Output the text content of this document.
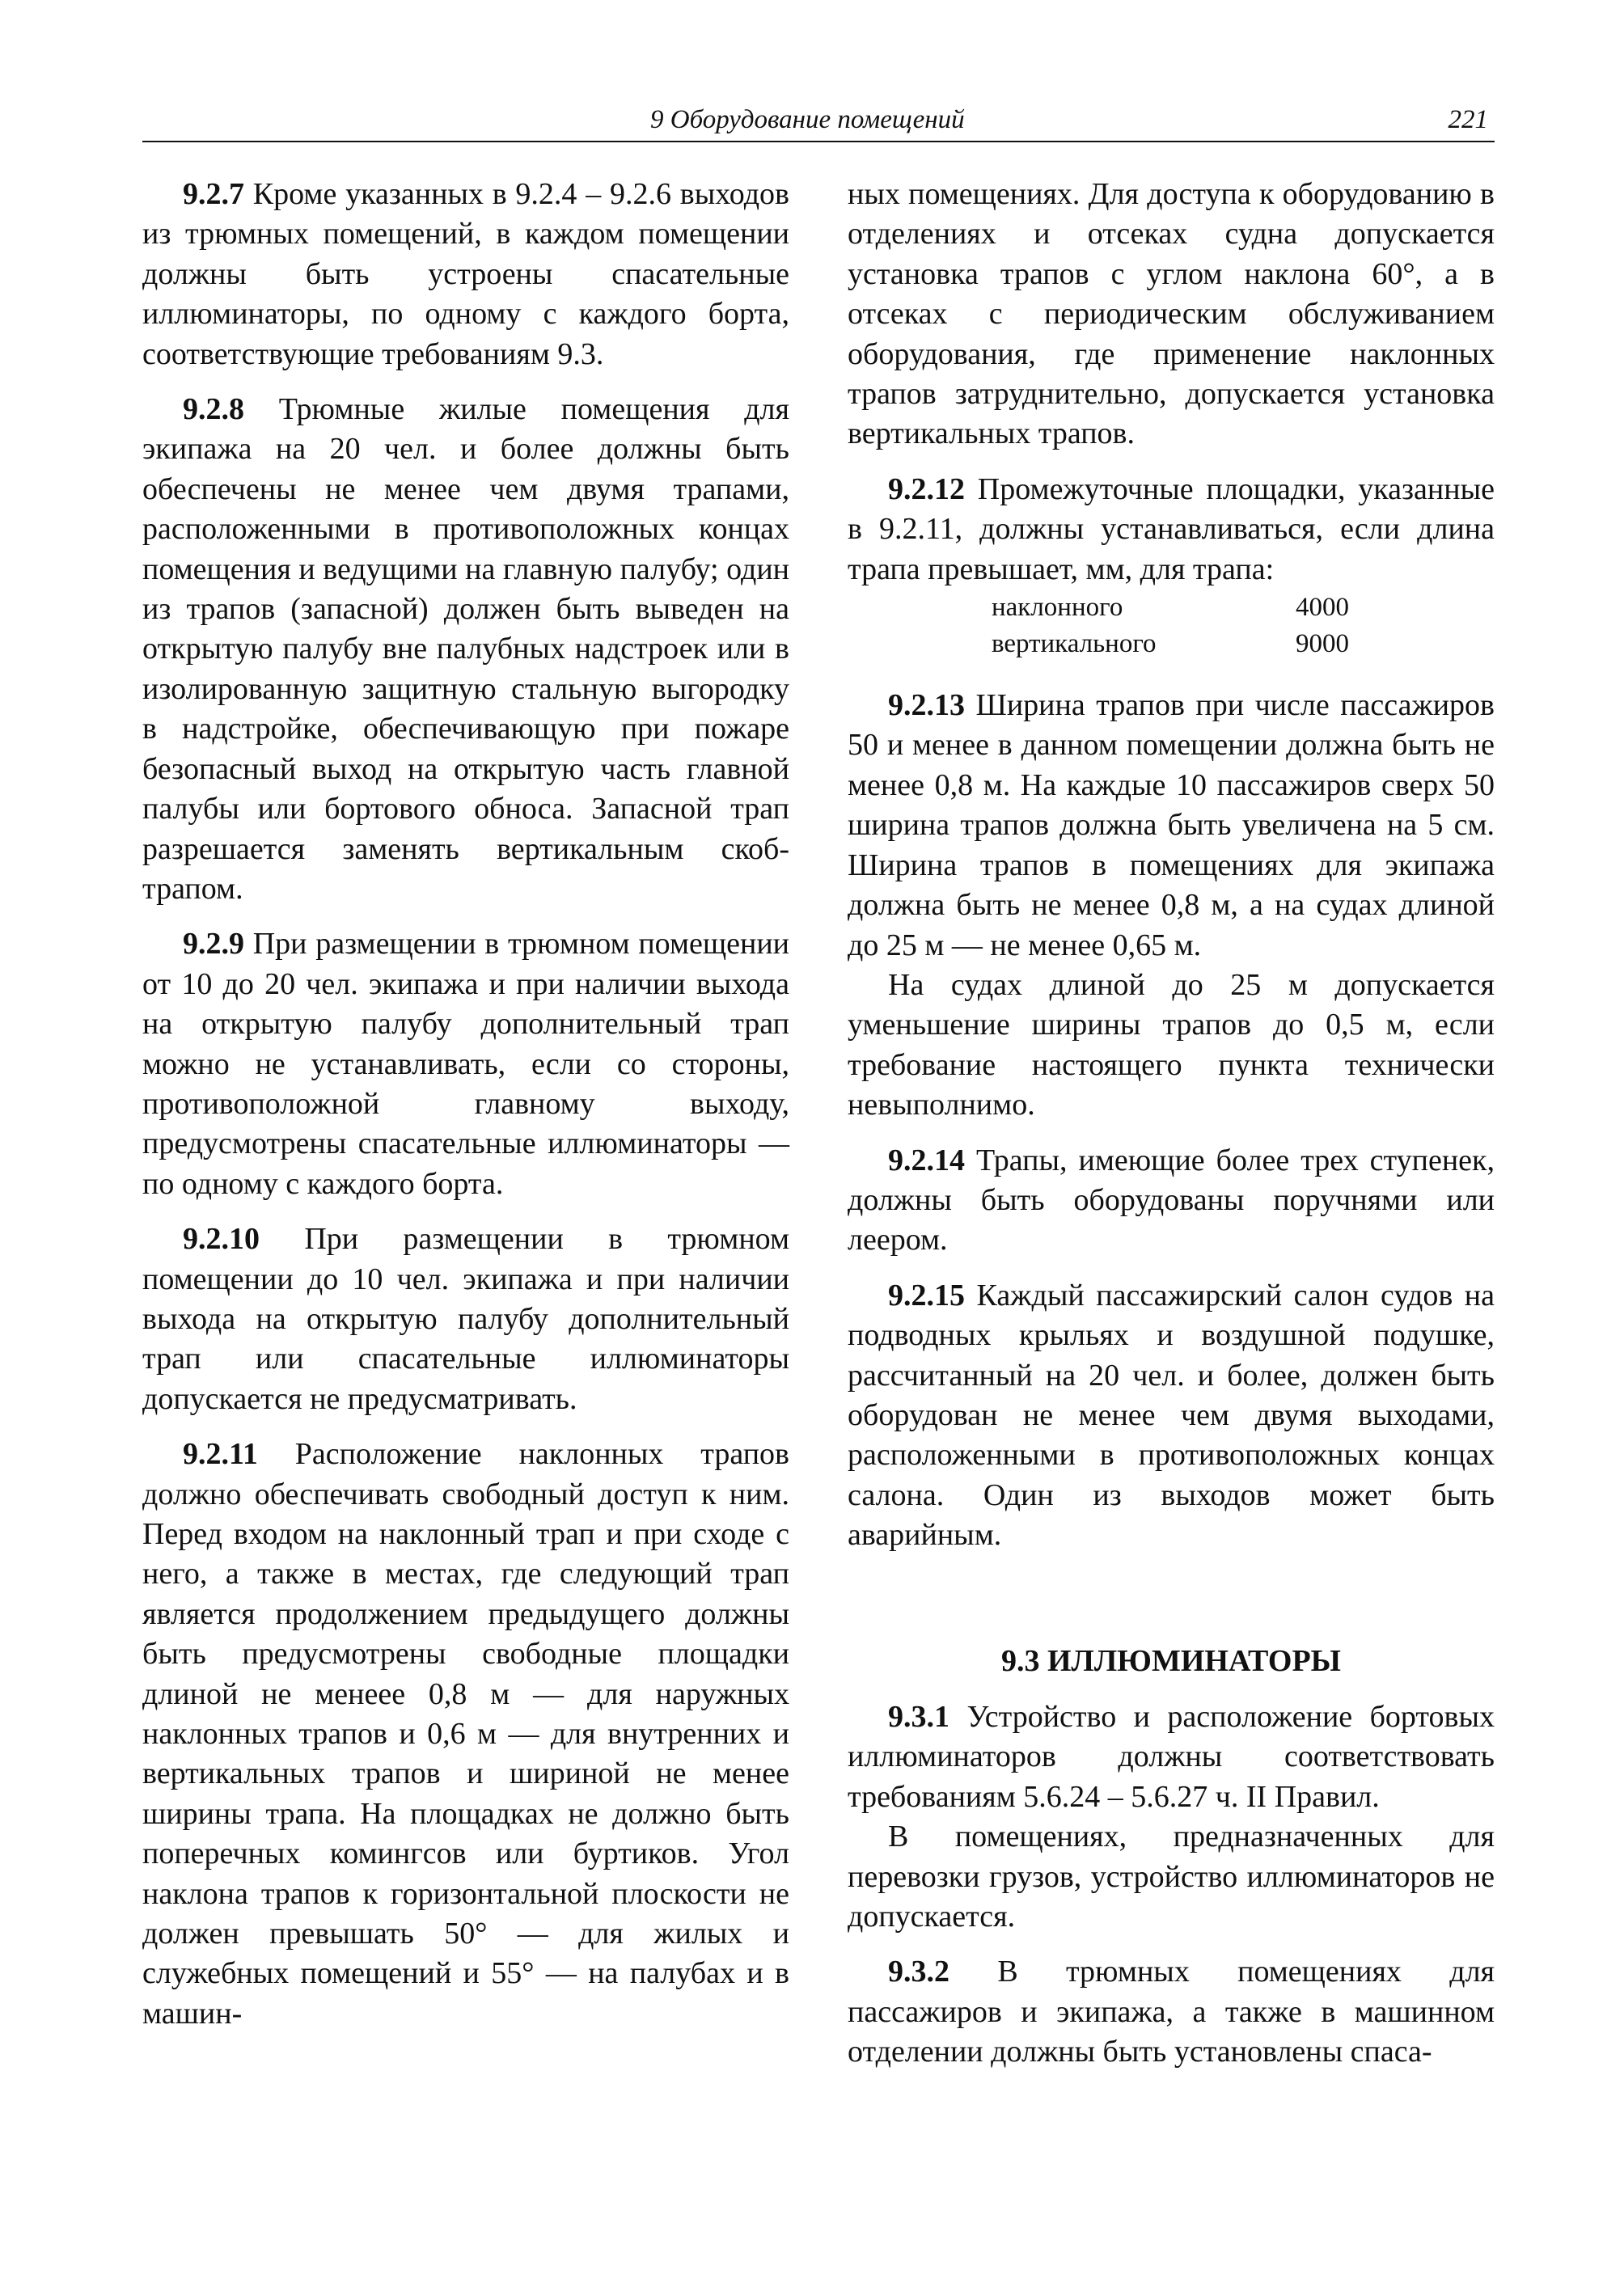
9 Оборудование помещений	221

9.2.7 Кроме указанных в 9.2.4 – 9.2.6 выходов из трюмных помещений, в каждом помещении должны быть устроены спасательные иллюминаторы, по одному с каждого борта, соответствующие требованиям 9.3.

9.2.8 Трюмные жилые помещения для экипажа на 20 чел. и более должны быть обеспечены не менее чем двумя трапами, расположенными в противоположных концах помещения и ведущими на главную палубу; один из трапов (запасной) должен быть выведен на открытую палубу вне палубных надстроек или в изолированную защитную стальную выгородку в надстройке, обеспечивающую при пожаре безопасный выход на открытую часть главной палубы или бортового обноса. Запасной трап разрешается заменять вертикальным скоб-трапом.

9.2.9 При размещении в трюмном помещении от 10 до 20 чел. экипажа и при наличии выхода на открытую палубу дополнительный трап можно не устанавливать, если со стороны, противоположной главному выходу, предусмотрены спасательные иллюминаторы — по одному с каждого борта.

9.2.10 При размещении в трюмном помещении до 10 чел. экипажа и при наличии выхода на открытую палубу дополнительный трап или спасательные иллюминаторы допускается не предусматривать.

9.2.11 Расположение наклонных трапов должно обеспечивать свободный доступ к ним. Перед входом на наклонный трап и при сходе с него, а также в местах, где следующий трап является продолжением предыдущего должны быть предусмотрены свободные площадки длиной не менеее 0,8 м — для наружных наклонных трапов и 0,6 м — для внутренних и вертикальных трапов и шириной не менее ширины трапа. На площадках не должно быть поперечных комингсов или буртиков. Угол наклона трапов к горизонтальной плоскости не должен превышать 50° — для жилых и служебных помещений и 55° — на палубах и в машин-

ных помещениях. Для доступа к оборудованию в отделениях и отсеках судна допускается установка трапов с углом наклона 60°, а в отсеках с периодическим обслуживанием оборудования, где применение наклонных трапов затруднительно, допускается установка вертикальных трапов.

9.2.12 Промежуточные площадки, указанные в 9.2.11, должны устанавливаться, если длина трапа превышает, мм, для трапа:

наклонного	4000
вертикального	9000

9.2.13 Ширина трапов при числе пассажиров 50 и менее в данном помещении должна быть не менее 0,8 м. На каждые 10 пассажиров сверх 50 ширина трапов должна быть увеличена на 5 см. Ширина трапов в помещениях для экипажа должна быть не менее 0,8 м, а на судах длиной до 25 м — не менее 0,65 м.

На судах длиной до 25 м допускается уменьшение ширины трапов до 0,5 м, если требование настоящего пункта технически невыполнимо.

9.2.14 Трапы, имеющие более трех ступенек, должны быть оборудованы поручнями или леером.

9.2.15 Каждый пассажирский салон судов на подводных крыльях и воздушной подушке, рассчитанный на 20 чел. и более, должен быть оборудован не менее чем двумя выходами, расположенными в противоположных концах салона. Один из выходов может быть аварийным.

9.3 ИЛЛЮМИНАТОРЫ

9.3.1 Устройство и расположение бортовых иллюминаторов должны соответствовать требованиям 5.6.24 – 5.6.27 ч. II Правил.

В помещениях, предназначенных для перевозки грузов, устройство иллюминаторов не допускается.

9.3.2 В трюмных помещениях для пассажиров и экипажа, а также в машинном отделении должны быть установлены спаса-
